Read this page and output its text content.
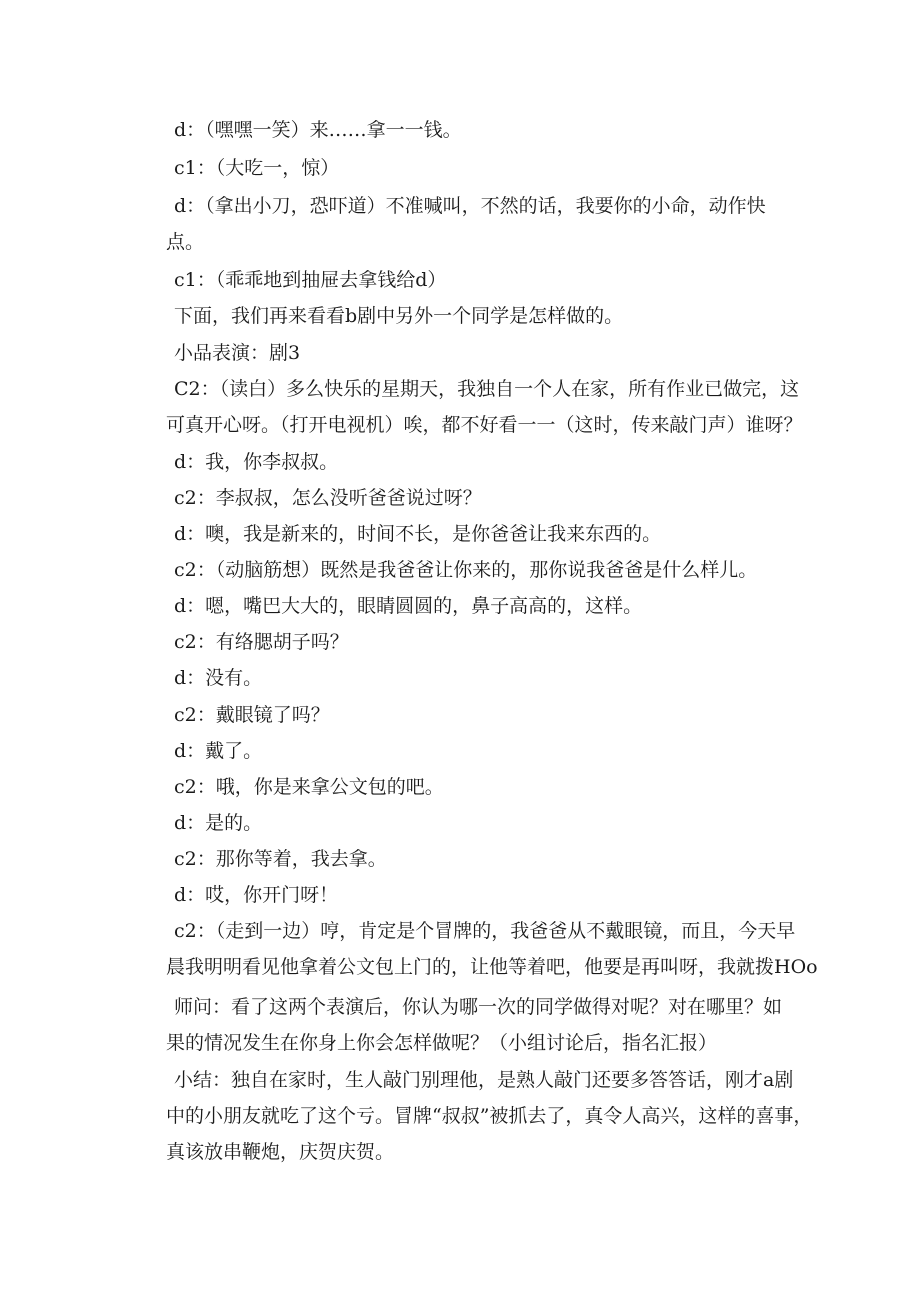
d：（嘿嘿一笑）来……拿一一钱。
c1：（大吃一，惊）
d：（拿出小刀，恐吓道）不准喊叫，不然的话，我要你的小命，动作快
点。
c1：（乖乖地到抽屉去拿钱给d）
下面，我们再来看看b剧中另外一个同学是怎样做的。
小品表演：剧3
C2：（读白）多么快乐的星期天，我独自一个人在家，所有作业已做完，这
可真开心呀。（打开电视机）唉，都不好看一一（这时，传来敲门声）谁呀？
d：我，你李叔叔。
c2：李叔叔，怎么没听爸爸说过呀？
d：噢，我是新来的，时间不长，是你爸爸让我来东西的。
c2：（动脑筋想）既然是我爸爸让你来的，那你说我爸爸是什么样儿。
d：嗯，嘴巴大大的，眼睛圆圆的，鼻子高高的，这样。
c2：有络腮胡子吗？
d：没有。
c2：戴眼镜了吗？
d：戴了。
c2：哦，你是来拿公文包的吧。
d：是的。
c2：那你等着，我去拿。
d：哎，你开门呀！
c2：（走到一边）哼，肯定是个冒牌的，我爸爸从不戴眼镜，而且，今天早
晨我明明看见他拿着公文包上门的，让他等着吧，他要是再叫呀，我就拨HOo
师问：看了这两个表演后，你认为哪一次的同学做得对呢？对在哪里？如
果的情况发生在你身上你会怎样做呢？（小组讨论后，指名汇报）
小结：独自在家时，生人敲门别理他，是熟人敲门还要多答答话，刚才a剧
中的小朋友就吃了这个亏。冒牌“叔叔”被抓去了，真令人高兴，这样的喜事，
真该放串鞭炮，庆贺庆贺。
